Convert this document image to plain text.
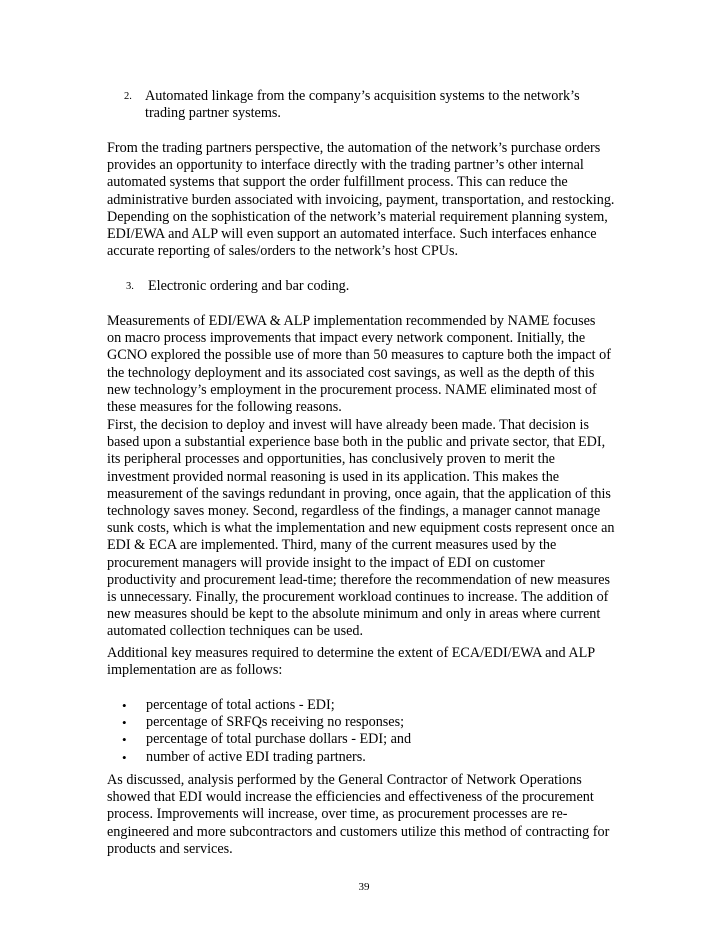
2. Automated linkage from the company’s acquisition systems to the network’s
trading partner systems.
From the trading partners perspective, the automation of the network’s purchase orders
provides an opportunity to interface directly with the trading partner’s other internal
automated systems that support the order fulfillment process. This can reduce the
administrative burden associated with invoicing, payment, transportation, and restocking.
Depending on the sophistication of the network’s material requirement planning system,
EDI/EWA and ALP will even support an automated interface. Such interfaces enhance
accurate reporting of sales/orders to the network’s host CPUs.
3. Electronic ordering and bar coding.
Measurements of EDI/EWA & ALP implementation recommended by NAME focuses
on macro process improvements that impact every network component. Initially, the
GCNO explored the possible use of more than 50 measures to capture both the impact of
the technology deployment and its associated cost savings, as well as the depth of this
new technology’s employment in the procurement process. NAME eliminated most of
these measures for the following reasons.
First, the decision to deploy and invest will have already been made. That decision is
based upon a substantial experience base both in the public and private sector, that EDI,
its peripheral processes and opportunities, has conclusively proven to merit the
investment provided normal reasoning is used in its application. This makes the
measurement of the savings redundant in proving, once again, that the application of this
technology saves money. Second, regardless of the findings, a manager cannot manage
sunk costs, which is what the implementation and new equipment costs represent once an
EDI & ECA are implemented. Third, many of the current measures used by the
procurement managers will provide insight to the impact of EDI on customer
productivity and procurement lead-time; therefore the recommendation of new measures
is unnecessary. Finally, the procurement workload continues to increase. The addition of
new measures should be kept to the absolute minimum and only in areas where current
automated collection techniques can be used.
Additional key measures required to determine the extent of ECA/EDI/EWA and ALP
implementation are as follows:
• percentage of total actions - EDI;
• percentage of SRFQs receiving no responses;
• percentage of total purchase dollars - EDI; and
• number of active EDI trading partners.
As discussed, analysis performed by the General Contractor of Network Operations
showed that EDI would increase the efficiencies and effectiveness of the procurement
process. Improvements will increase, over time, as procurement processes are re-
engineered and more subcontractors and customers utilize this method of contracting for
products and services.
39
